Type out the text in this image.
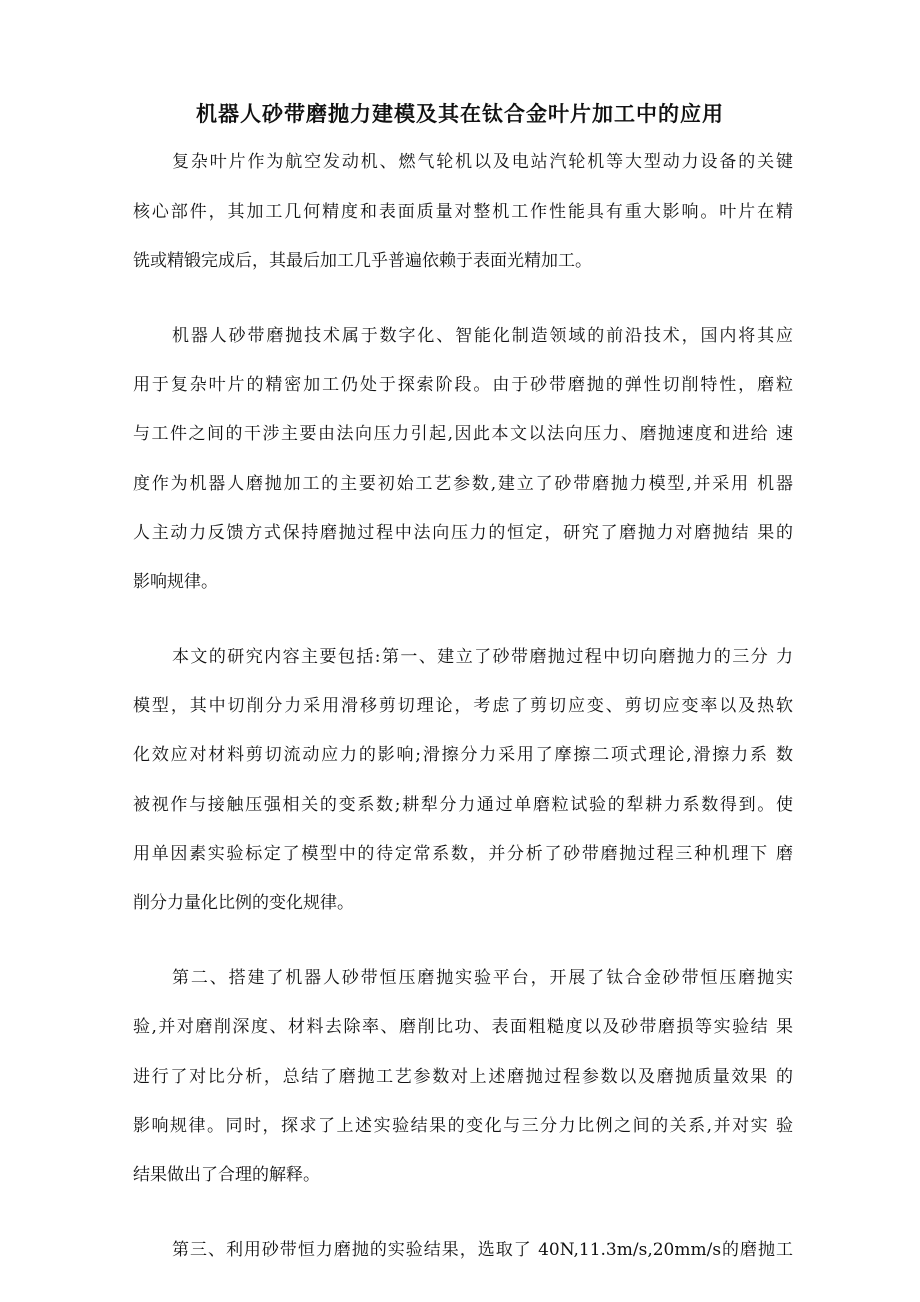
机器人砂带磨抛力建模及其在钛合金叶片加工中的应用
复杂叶片作为航空发动机、燃气轮机以及电站汽轮机等大型动力设备的关键
核心部件，其加工几何精度和表面质量对整机工作性能具有重大影响。叶片在精
铣或精锻完成后，其最后加工几乎普遍依赖于表面光精加工。
机器人砂带磨抛技术属于数字化、智能化制造领域的前沿技术，国内将其应
用于复杂叶片的精密加工仍处于探索阶段。由于砂带磨抛的弹性切削特性，磨粒
与工件之间的干涉主要由法向压力引起,因此本文以法向压力、磨抛速度和进给 速
度作为机器人磨抛加工的主要初始工艺参数,建立了砂带磨抛力模型,并采用 机器
人主动力反馈方式保持磨抛过程中法向压力的恒定，研究了磨抛力对磨抛结 果的
影响规律。
本文的研究内容主要包括:第一、建立了砂带磨抛过程中切向磨抛力的三分 力
模型，其中切削分力采用滑移剪切理论，考虑了剪切应变、剪切应变率以及热软
化效应对材料剪切流动应力的影响;滑擦分力采用了摩擦二项式理论,滑擦力系 数
被视作与接触压强相关的变系数;耕犁分力通过单磨粒试验的犁耕力系数得到。使
用单因素实验标定了模型中的待定常系数，并分析了砂带磨抛过程三种机理下 磨
削分力量化比例的变化规律。
第二、搭建了机器人砂带恒压磨抛实验平台，开展了钛合金砂带恒压磨抛实
验,并对磨削深度、材料去除率、磨削比功、表面粗糙度以及砂带磨损等实验结 果
进行了对比分析，总结了磨抛工艺参数对上述磨抛过程参数以及磨抛质量效果 的
影响规律。同时，探求了上述实验结果的变化与三分力比例之间的关系,并对实 验
结果做出了合理的解释。
第三、利用砂带恒力磨抛的实验结果，选取了 40N,11.3m/s,20mm/s的磨抛工
